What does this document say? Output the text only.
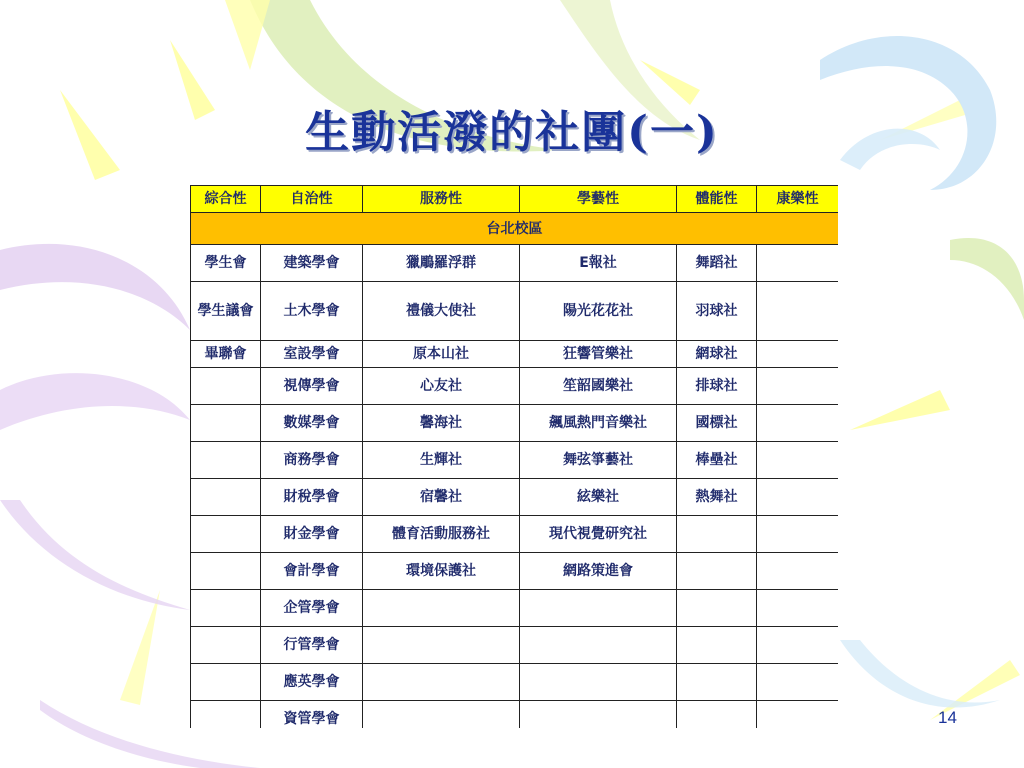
生動活潑的社團(一)
綜合性	自治性	服務性	學藝性	體能性	康樂性
台北校區					
學生會	建築學會	獵鵰羅浮群	E報社	舞蹈社	
學生議會	土木學會	禮儀大使社	陽光花花社	羽球社	
畢聯會	室設學會	原本山社	狂響管樂社	網球社	
	視傳學會	心友社	笙韶國樂社	排球社	
	數媒學會	馨海社	飆風熱門音樂社	國標社	
	商務學會	生輝社	舞弦箏藝社	棒壘社	
	財稅學會	宿馨社	絃樂社	熱舞社	
	財金學會	體育活動服務社	現代視覺研究社		
	會計學會	環境保護社	網路策進會		
	企管學會				
	行管學會				
	應英學會				
	資管學會					14
